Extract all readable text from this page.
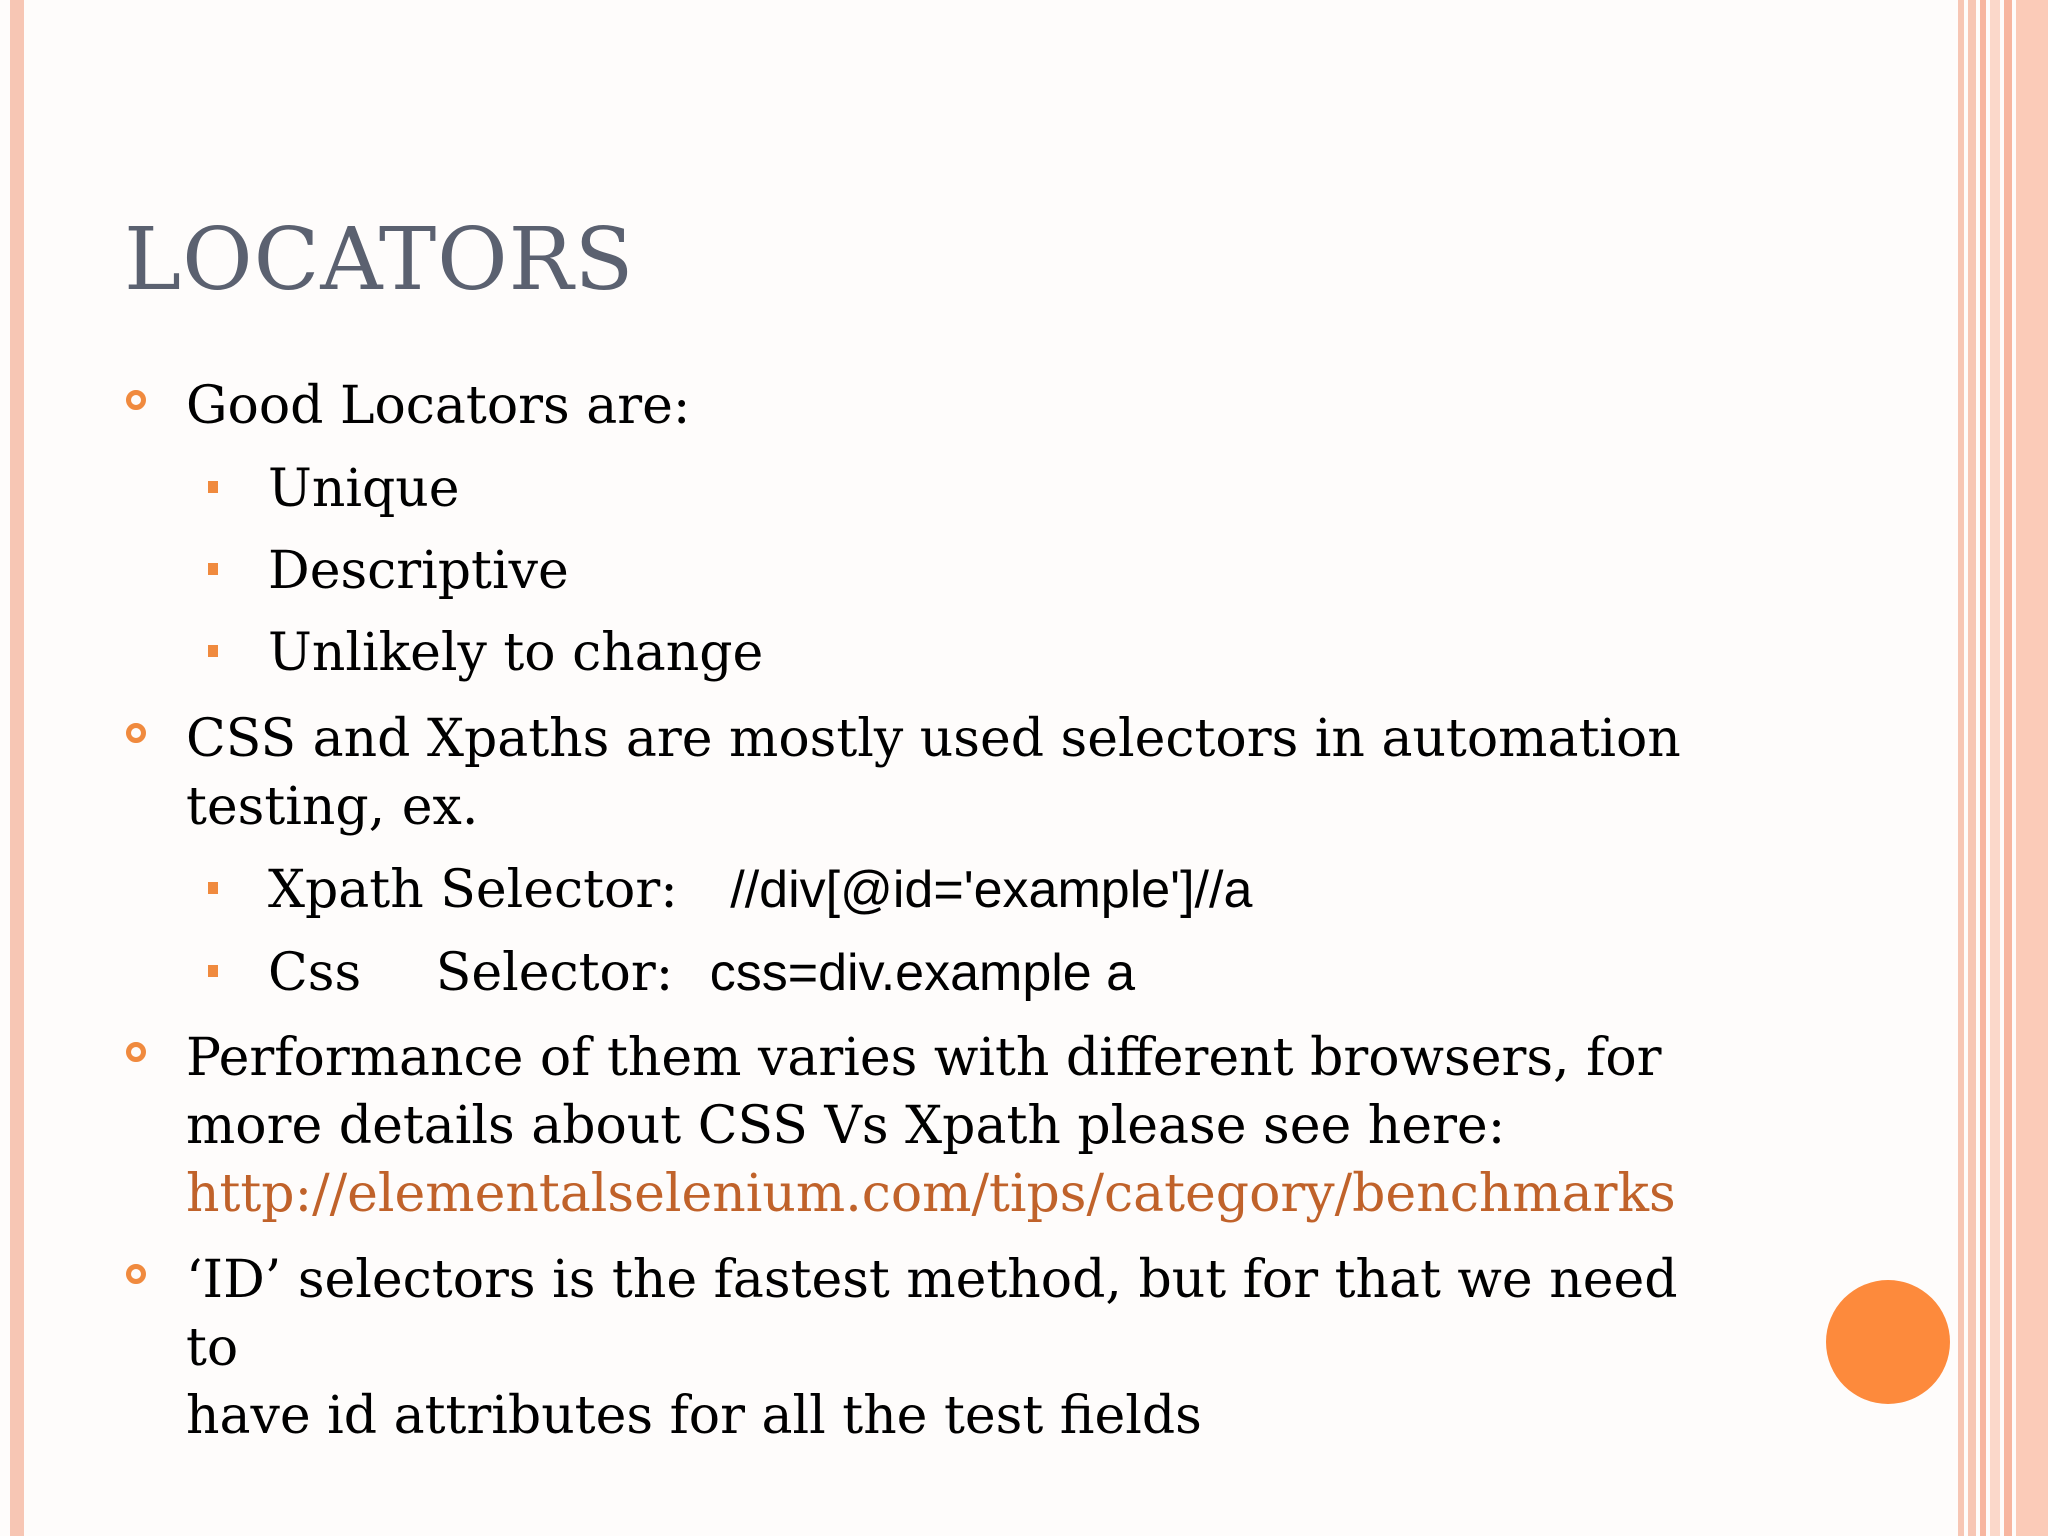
LOCATORS
Good Locators are:
Unique
Descriptive
Unlikely to change
CSS and Xpaths are mostly used selectors in automation
testing, ex.
Xpath Selector: //div[@id='example']//a
Css Selector: css=div.example a
Performance of them varies with different browsers, for
more details about CSS Vs Xpath please see here:
http://elementalselenium.com/tips/category/benchmarks
‘ID’ selectors is the fastest method, but for that we need to
have id attributes for all the test fields
